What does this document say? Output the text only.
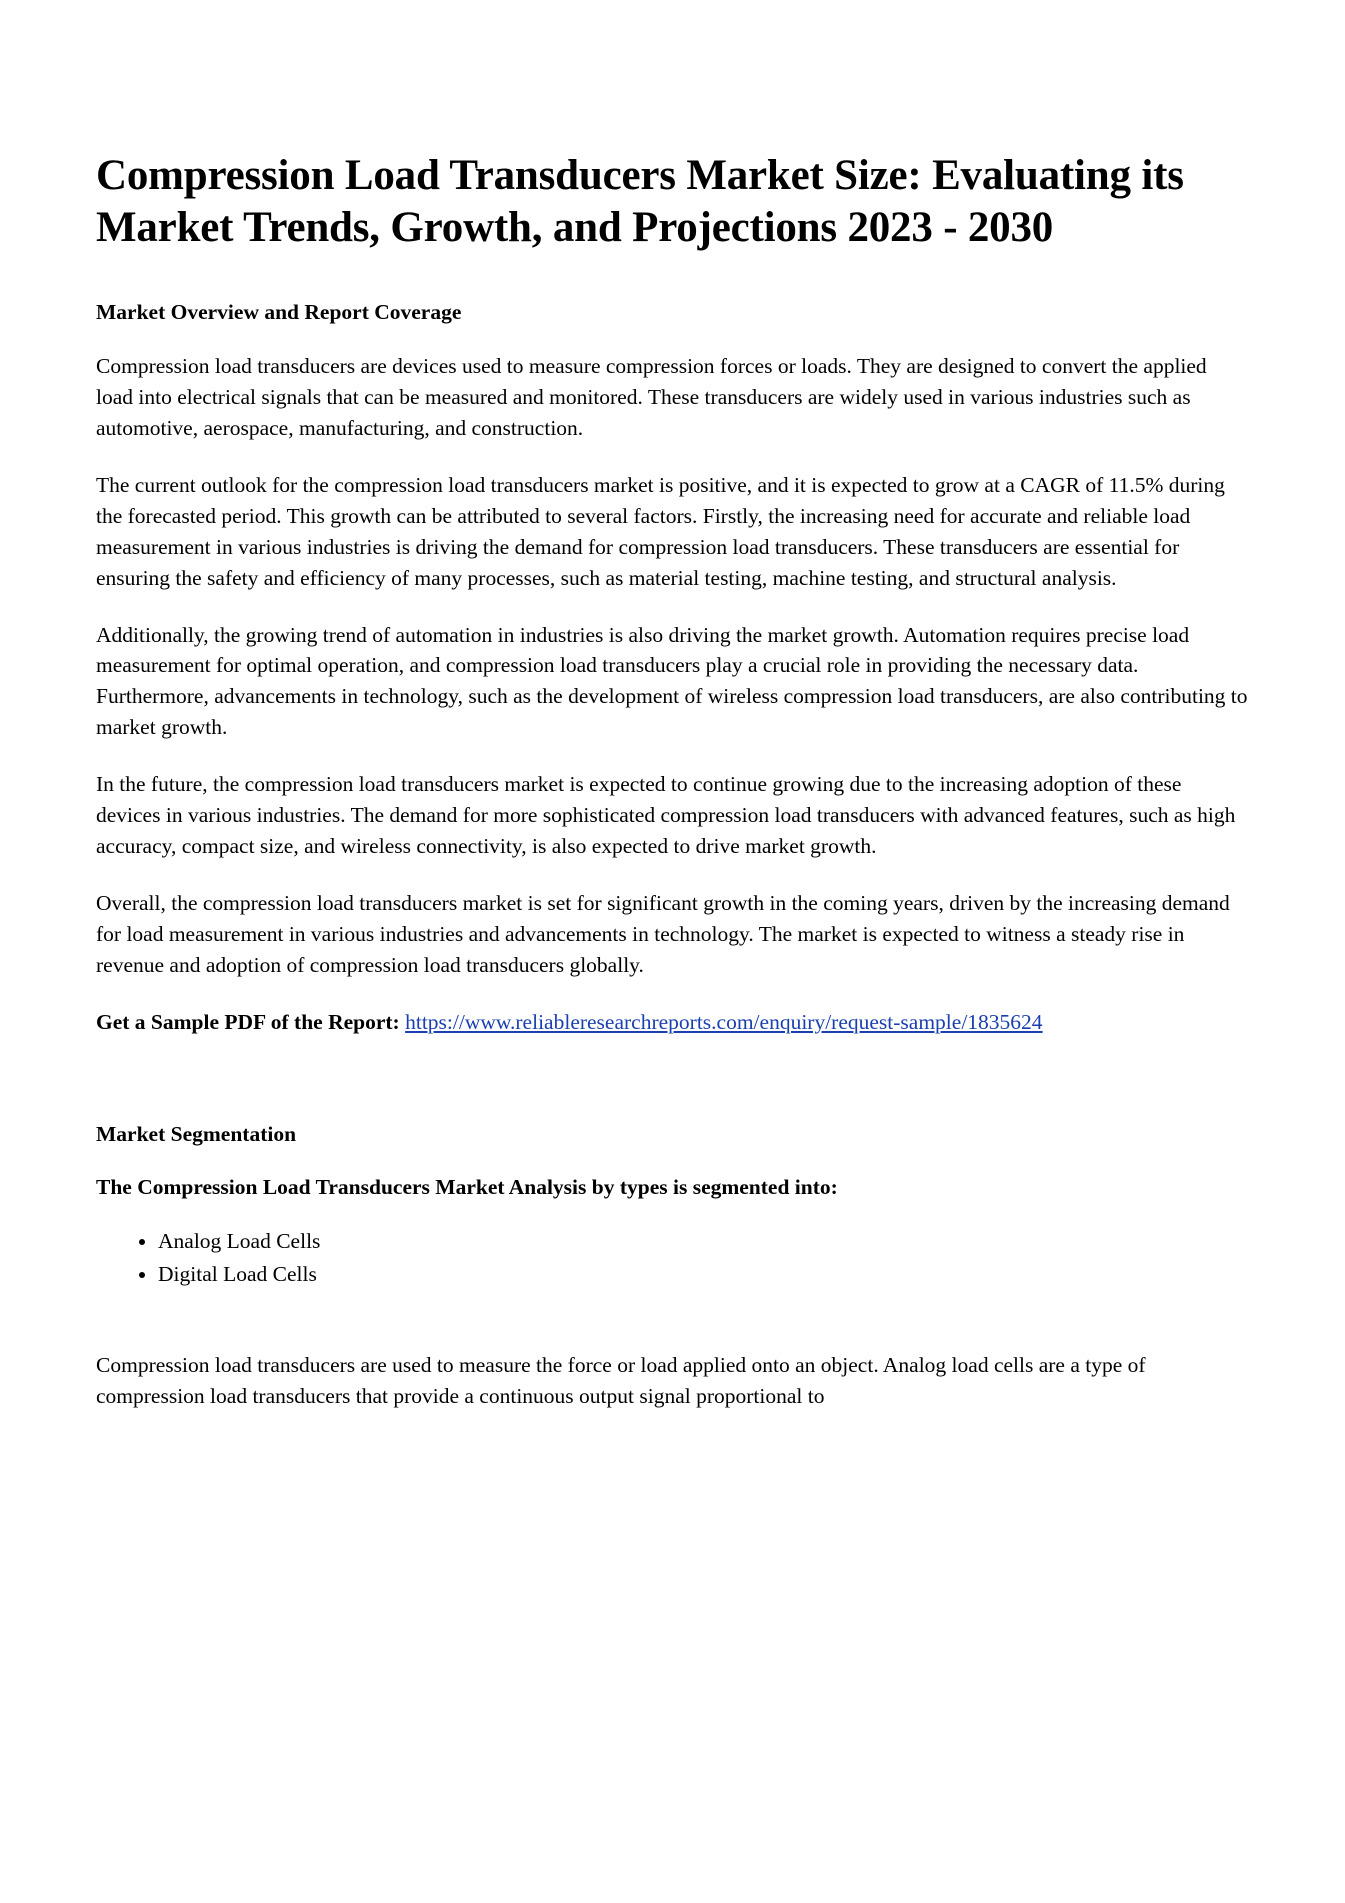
Compression Load Transducers Market Size: Evaluating its Market Trends, Growth, and Projections 2023 - 2030
Market Overview and Report Coverage

Compression load transducers are devices used to measure compression forces or loads. They are designed to convert the applied load into electrical signals that can be measured and monitored. These transducers are widely used in various industries such as automotive, aerospace, manufacturing, and construction.

The current outlook for the compression load transducers market is positive, and it is expected to grow at a CAGR of 11.5% during the forecasted period. This growth can be attributed to several factors. Firstly, the increasing need for accurate and reliable load measurement in various industries is driving the demand for compression load transducers. These transducers are essential for ensuring the safety and efficiency of many processes, such as material testing, machine testing, and structural analysis.

Additionally, the growing trend of automation in industries is also driving the market growth. Automation requires precise load measurement for optimal operation, and compression load transducers play a crucial role in providing the necessary data. Furthermore, advancements in technology, such as the development of wireless compression load transducers, are also contributing to market growth.

In the future, the compression load transducers market is expected to continue growing due to the increasing adoption of these devices in various industries. The demand for more sophisticated compression load transducers with advanced features, such as high accuracy, compact size, and wireless connectivity, is also expected to drive market growth.

Overall, the compression load transducers market is set for significant growth in the coming years, driven by the increasing demand for load measurement in various industries and advancements in technology. The market is expected to witness a steady rise in revenue and adoption of compression load transducers globally.

Get a Sample PDF of the Report: https://www.reliableresearchreports.com/enquiry/request-sample/1835624

Market Segmentation
The Compression Load Transducers Market Analysis by types is segmented into:
• Analog Load Cells
• Digital Load Cells

Compression load transducers are used to measure the force or load applied onto an object. Analog load cells are a type of compression load transducers that provide a continuous output signal proportional to
